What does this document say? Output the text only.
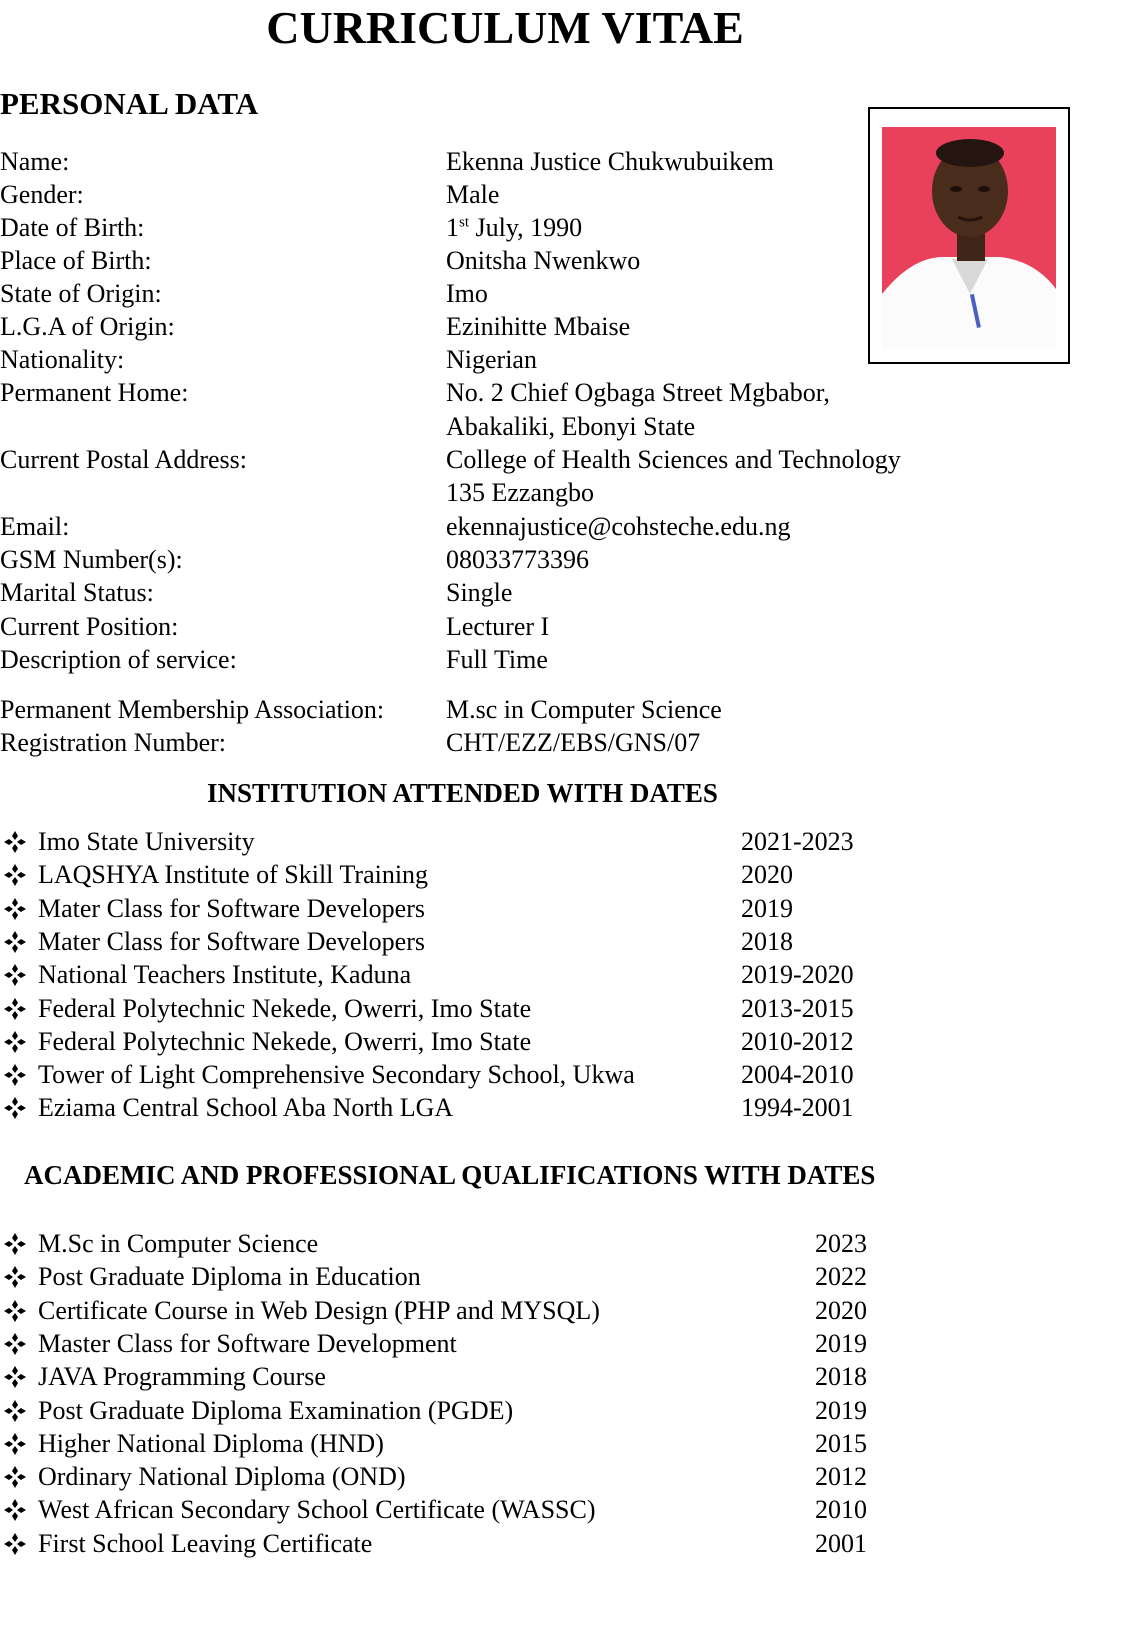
CURRICULUM VITAE
PERSONAL DATA
Name:	Ekenna Justice Chukwubuikem
Gender:	Male
Date of Birth:	1st July, 1990
Place of Birth:	Onitsha Nwenkwo
State of Origin:	Imo
L.G.A of Origin:	Ezinihitte Mbaise
Nationality:	Nigerian
Permanent Home:	No. 2 Chief Ogbaga Street Mgbabor,
Abakaliki, Ebonyi State
Current Postal Address:	College of Health Sciences and Technology
135 Ezzangbo
Email:	ekennajustice@cohsteche.edu.ng
GSM Number(s):	08033773396
Marital Status:	Single
Current Position:	Lecturer I
Description of service:	Full Time
Permanent Membership Association: M.sc in Computer Science
Registration Number:	CHT/EZZ/EBS/GNS/07
INSTITUTION ATTENDED WITH DATES
Imo State University	2021-2023
LAQSHYA Institute of Skill Training	2020
Mater Class for Software Developers	2019
Mater Class for Software Developers	2018
National Teachers Institute, Kaduna	2019-2020
Federal Polytechnic Nekede, Owerri, Imo State	2013-2015
Federal Polytechnic Nekede, Owerri, Imo State	2010-2012
Tower of Light Comprehensive Secondary School, Ukwa	2004-2010
Eziama Central School Aba North LGA	1994-2001
ACADEMIC AND PROFESSIONAL QUALIFICATIONS WITH DATES
M.Sc in Computer Science	2023
Post Graduate Diploma in Education	2022
Certificate Course in Web Design (PHP and MYSQL)	2020
Master Class for Software Development	2019
JAVA Programming Course	2018
Post Graduate Diploma Examination (PGDE)	2019
Higher National Diploma (HND)	2015
Ordinary National Diploma (OND)	2012
West African Secondary School Certificate (WASSC)	2010
First School Leaving Certificate	2001
